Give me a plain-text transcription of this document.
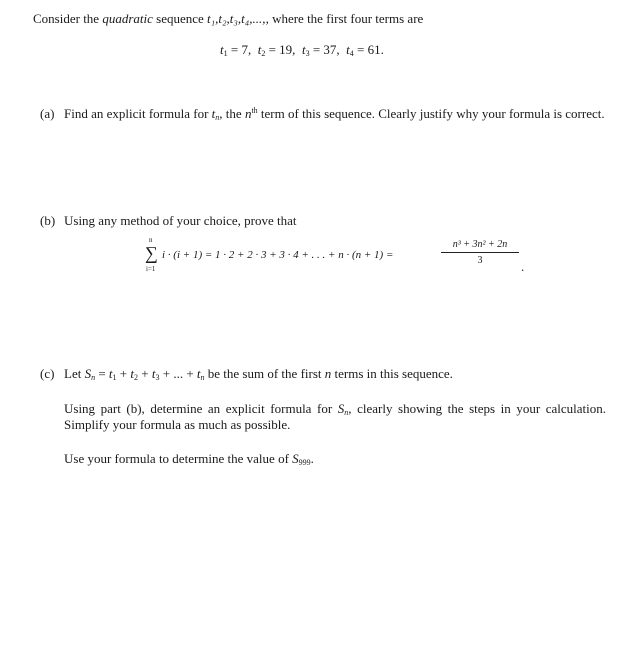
Consider the quadratic sequence t₁,t₂,t₃,t₄,...,, where the first four terms are
$t_1 = 7$,  $t_2 = 19$,  $t_3 = 37$,  $t_4 = 61$.
(a) Find an explicit formula for $t_n$, the $n^{th}$ term of this sequence. Clearly justify why your formula is correct.
(b) Using any method of your choice, prove that
n
∑
i=1
i · (i + 1) = 1 · 2 + 2 · 3 + 3 · 4 + . . . + n · (n + 1) =
n³ + 3n² + 2n
3	.
(c) Let $S_n = t_1 + t_2 + t_3$ + ... + $t_n$ be the sum of the first n terms in this sequence.
Using part (b), determine an explicit formula for $S_n$, clearly showing the steps in your calculation. Simplify your formula as much as possible.
Use your formula to determine the value of $S_{999}$.
